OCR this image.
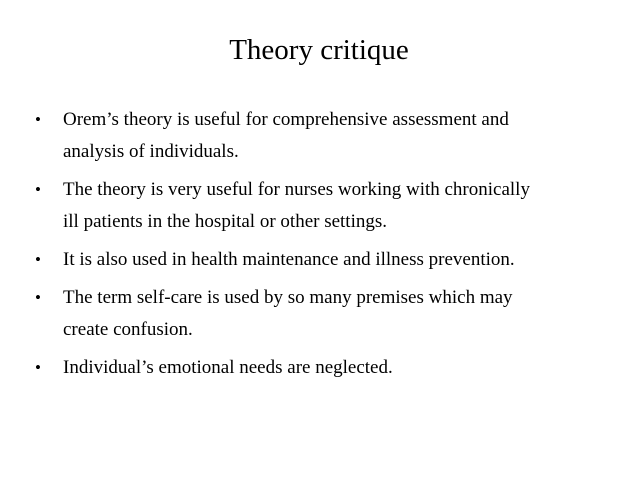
Theory critique
•	Orem’s theory is useful for comprehensive assessment and
analysis of individuals.
•	The theory is very useful for nurses working with chronically
ill patients in the hospital or other settings.
•	It is also used in health maintenance and illness prevention.
•	The term self-care is used by so many premises which may
create confusion.
•	Individual’s emotional needs are neglected.
